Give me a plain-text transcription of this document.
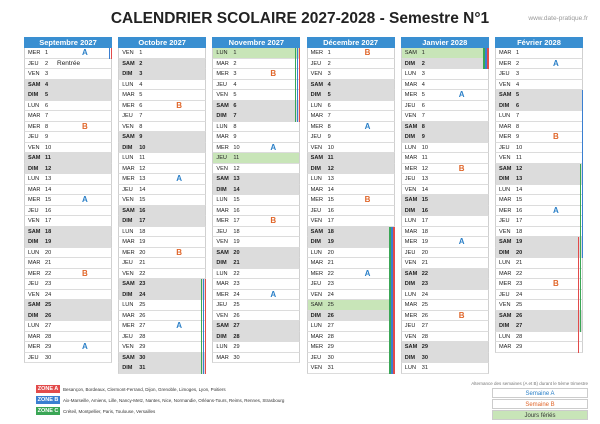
CALENDRIER SCOLAIRE 2027-2028 - Semestre N°1	www.date-pratique.fr
Septembre 2027
MER 1	A
JEU 2 Rentrée
VEN 3
SAM 4
DIM 5
LUN 6
MAR 7
MER 8	B
JEU 9
VEN 10
SAM 11
DIM 12
LUN 13
MAR 14
MER 15	A
JEU 16
VEN 17
SAM 18
DIM 19
LUN 20
MAR 21
MER 22	B
JEU 23
VEN 24
SAM 25
DIM 26
LUN 27
MAR 28
MER 29	A
JEU 30
Octobre 2027
VEN 1
SAM 2
DIM 3
LUN 4
MAR 5
MER 6	B
JEU 7
VEN 8
SAM 9
DIM 10
LUN 11
MAR 12
MER 13	A
JEU 14
VEN 15
SAM 16
DIM 17
LUN 18
MAR 19
MER 20	B
JEU 21
VEN 22
SAM 23
DIM 24
LUN 25
MAR 26
MER 27	A
JEU 28
VEN 29
SAM 30
DIM 31
Novembre 2027
LUN 1
MAR 2
MER 3	B
JEU 4
VEN 5
SAM 6
DIM 7
LUN 8
MAR 9
MER 10	A
JEU 11
VEN 12
SAM 13
DIM 14
LUN 15
MAR 16
MER 17	B
JEU 18
VEN 19
SAM 20
DIM 21
LUN 22
MAR 23
MER 24	A
JEU 25
VEN 26
SAM 27
DIM 28
LUN 29
MAR 30
Décembre 2027
MER 1	B
JEU 2
VEN 3
SAM 4
DIM 5
LUN 6
MAR 7
MER 8	A
JEU 9
VEN 10
SAM 11
DIM 12
LUN 13
MAR 14
MER 15	B
JEU 16
VEN 17
SAM 18
DIM 19
LUN 20
MAR 21
MER 22	A
JEU 23
VEN 24
SAM 25
DIM 26
LUN 27
MAR 28
MER 29
JEU 30
VEN 31
Janvier 2028
SAM 1
DIM 2
LUN 3
MAR 4
MER 5	A
JEU 6
VEN 7
SAM 8
DIM 9
LUN 10
MAR 11
MER 12	B
JEU 13
VEN 14
SAM 15
DIM 16
LUN 17
MAR 18
MER 19	A
JEU 20
VEN 21
SAM 22
DIM 23
LUN 24
MAR 25
MER 26	B
JEU 27
VEN 28
SAM 29
DIM 30
LUN 31
Février 2028
MAR 1
MER 2	A
JEU 3
VEN 4
SAM 5
DIM 6
LUN 7
MAR 8
MER 9	B
JEU 10
VEN 11
SAM 12
DIM 13
LUN 14
MAR 15
MER 16	A
JEU 17
VEN 18
SAM 19
DIM 20
LUN 21
MAR 22
MER 23	B
JEU 24
VEN 25
SAM 26
DIM 27
LUN 28
MAR 29
ZONE A	Besançon, Bordeaux, Clermont-Ferrand, Dijon, Grenoble, Limoges, Lyon, Poitiers
ZONE B	Aix-Marseille, Amiens, Lille, Nancy-Metz, Nantes, Nice, Normandie, Orléans-Tours, Reims, Rennes, Strasbourg
ZONE C	Créteil, Montpellier, Paris, Toulouse, Versailles
Alternance des semaines (A et B) durant le 5ème trimestre
Semaine A
Semaine B
Jours fériés
